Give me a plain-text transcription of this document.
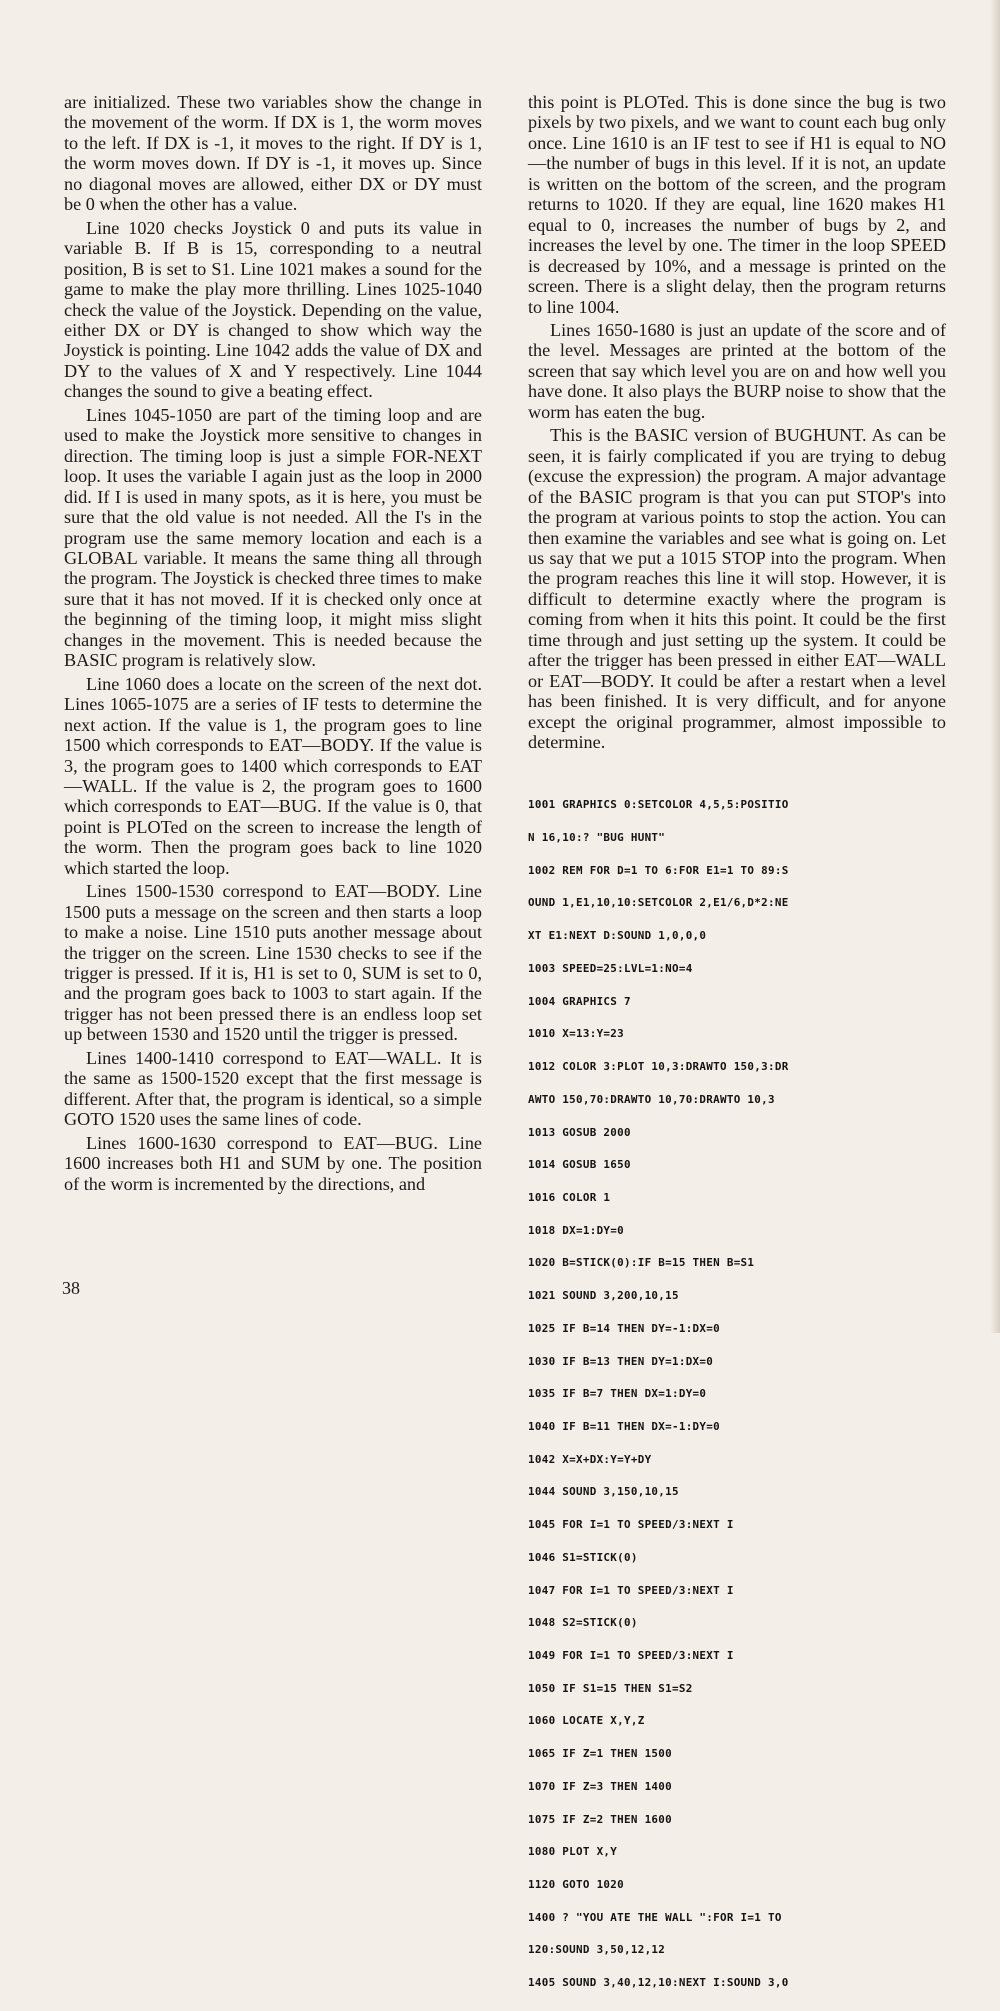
are initialized. These two variables show the change in the movement of the worm. If DX is 1, the worm moves to the left. If DX is -1, it moves to the right. If DY is 1, the worm moves down. If DY is -1, it moves up. Since no diagonal moves are allowed, either DX or DY must be 0 when the other has a value.

Line 1020 checks Joystick 0 and puts its value in variable B. If B is 15, corresponding to a neutral position, B is set to S1. Line 1021 makes a sound for the game to make the play more thrilling. Lines 1025-1040 check the value of the Joystick. Depending on the value, either DX or DY is changed to show which way the Joystick is pointing. Line 1042 adds the value of DX and DY to the values of X and Y respectively. Line 1044 changes the sound to give a beating effect.

Lines 1045-1050 are part of the timing loop and are used to make the Joystick more sensitive to changes in direction. The timing loop is just a simple FOR-NEXT loop. It uses the variable I again just as the loop in 2000 did. If I is used in many spots, as it is here, you must be sure that the old value is not needed. All the I's in the program use the same memory location and each is a GLOBAL variable. It means the same thing all through the program. The Joystick is checked three times to make sure that it has not moved. If it is checked only once at the beginning of the timing loop, it might miss slight changes in the movement. This is needed because the BASIC program is relatively slow.

Line 1060 does a locate on the screen of the next dot. Lines 1065-1075 are a series of IF tests to determine the next action. If the value is 1, the program goes to line 1500 which corresponds to EAT—BODY. If the value is 3, the program goes to 1400 which corresponds to EAT—WALL. If the value is 2, the program goes to 1600 which corresponds to EAT—BUG. If the value is 0, that point is PLOTed on the screen to increase the length of the worm. Then the program goes back to line 1020 which started the loop.

Lines 1500-1530 correspond to EAT—BODY. Line 1500 puts a message on the screen and then starts a loop to make a noise. Line 1510 puts another message about the trigger on the screen. Line 1530 checks to see if the trigger is pressed. If it is, H1 is set to 0, SUM is set to 0, and the program goes back to 1003 to start again. If the trigger has not been pressed there is an endless loop set up between 1530 and 1520 until the trigger is pressed.

Lines 1400-1410 correspond to EAT—WALL. It is the same as 1500-1520 except that the first message is different. After that, the program is identical, so a simple GOTO 1520 uses the same lines of code.

Lines 1600-1630 correspond to EAT—BUG. Line 1600 increases both H1 and SUM by one. The position of the worm is incremented by the directions, and

this point is PLOTed. This is done since the bug is two pixels by two pixels, and we want to count each bug only once. Line 1610 is an IF test to see if H1 is equal to NO—the number of bugs in this level. If it is not, an update is written on the bottom of the screen, and the program returns to 1020. If they are equal, line 1620 makes H1 equal to 0, increases the number of bugs by 2, and increases the level by one. The timer in the loop SPEED is decreased by 10%, and a message is printed on the screen. There is a slight delay, then the program returns to line 1004.

Lines 1650-1680 is just an update of the score and of the level. Messages are printed at the bottom of the screen that say which level you are on and how well you have done. It also plays the BURP noise to show that the worm has eaten the bug.

This is the BASIC version of BUGHUNT. As can be seen, it is fairly complicated if you are trying to debug (excuse the expression) the program. A major advantage of the BASIC program is that you can put STOP's into the program at various points to stop the action. You can then examine the variables and see what is going on. Let us say that we put a 1015 STOP into the program. When the program reaches this line it will stop. However, it is difficult to determine exactly where the program is coming from when it hits this point. It could be the first time through and just setting up the system. It could be after the trigger has been pressed in either EAT—WALL or EAT—BODY. It could be after a restart when a level has been finished. It is very difficult, and for anyone except the original programmer, almost impossible to determine.

1001 GRAPHICS 0:SETCOLOR 4,5,5:POSITIO

N 16,10:? "BUG HUNT"

1002 REM FOR D=1 TO 6:FOR E1=1 TO 89:S

OUND 1,E1,10,10:SETCOLOR 2,E1/6,D*2:NE

XT E1:NEXT D:SOUND 1,0,0,0

1003 SPEED=25:LVL=1:NO=4

1004 GRAPHICS 7

1010 X=13:Y=23

1012 COLOR 3:PLOT 10,3:DRAWTO 150,3:DR

AWTO 150,70:DRAWTO 10,70:DRAWTO 10,3

1013 GOSUB 2000

1014 GOSUB 1650

1016 COLOR 1

1018 DX=1:DY=0

1020 B=STICK(0):IF B=15 THEN B=S1

1021 SOUND 3,200,10,15

1025 IF B=14 THEN DY=-1:DX=0

1030 IF B=13 THEN DY=1:DX=0

1035 IF B=7 THEN DX=1:DY=0

1040 IF B=11 THEN DX=-1:DY=0

1042 X=X+DX:Y=Y+DY

1044 SOUND 3,150,10,15

1045 FOR I=1 TO SPEED/3:NEXT I

1046 S1=STICK(0)

1047 FOR I=1 TO SPEED/3:NEXT I

1048 S2=STICK(0)

1049 FOR I=1 TO SPEED/3:NEXT I

1050 IF S1=15 THEN S1=S2

1060 LOCATE X,Y,Z

1065 IF Z=1 THEN 1500

1070 IF Z=3 THEN 1400

1075 IF Z=2 THEN 1600

1080 PLOT X,Y

1120 GOTO 1020

1400 ? "YOU ATE THE WALL ":FOR I=1 TO

120:SOUND 3,50,12,12

1405 SOUND 3,40,12,10:NEXT I:SOUND 3,0

38
